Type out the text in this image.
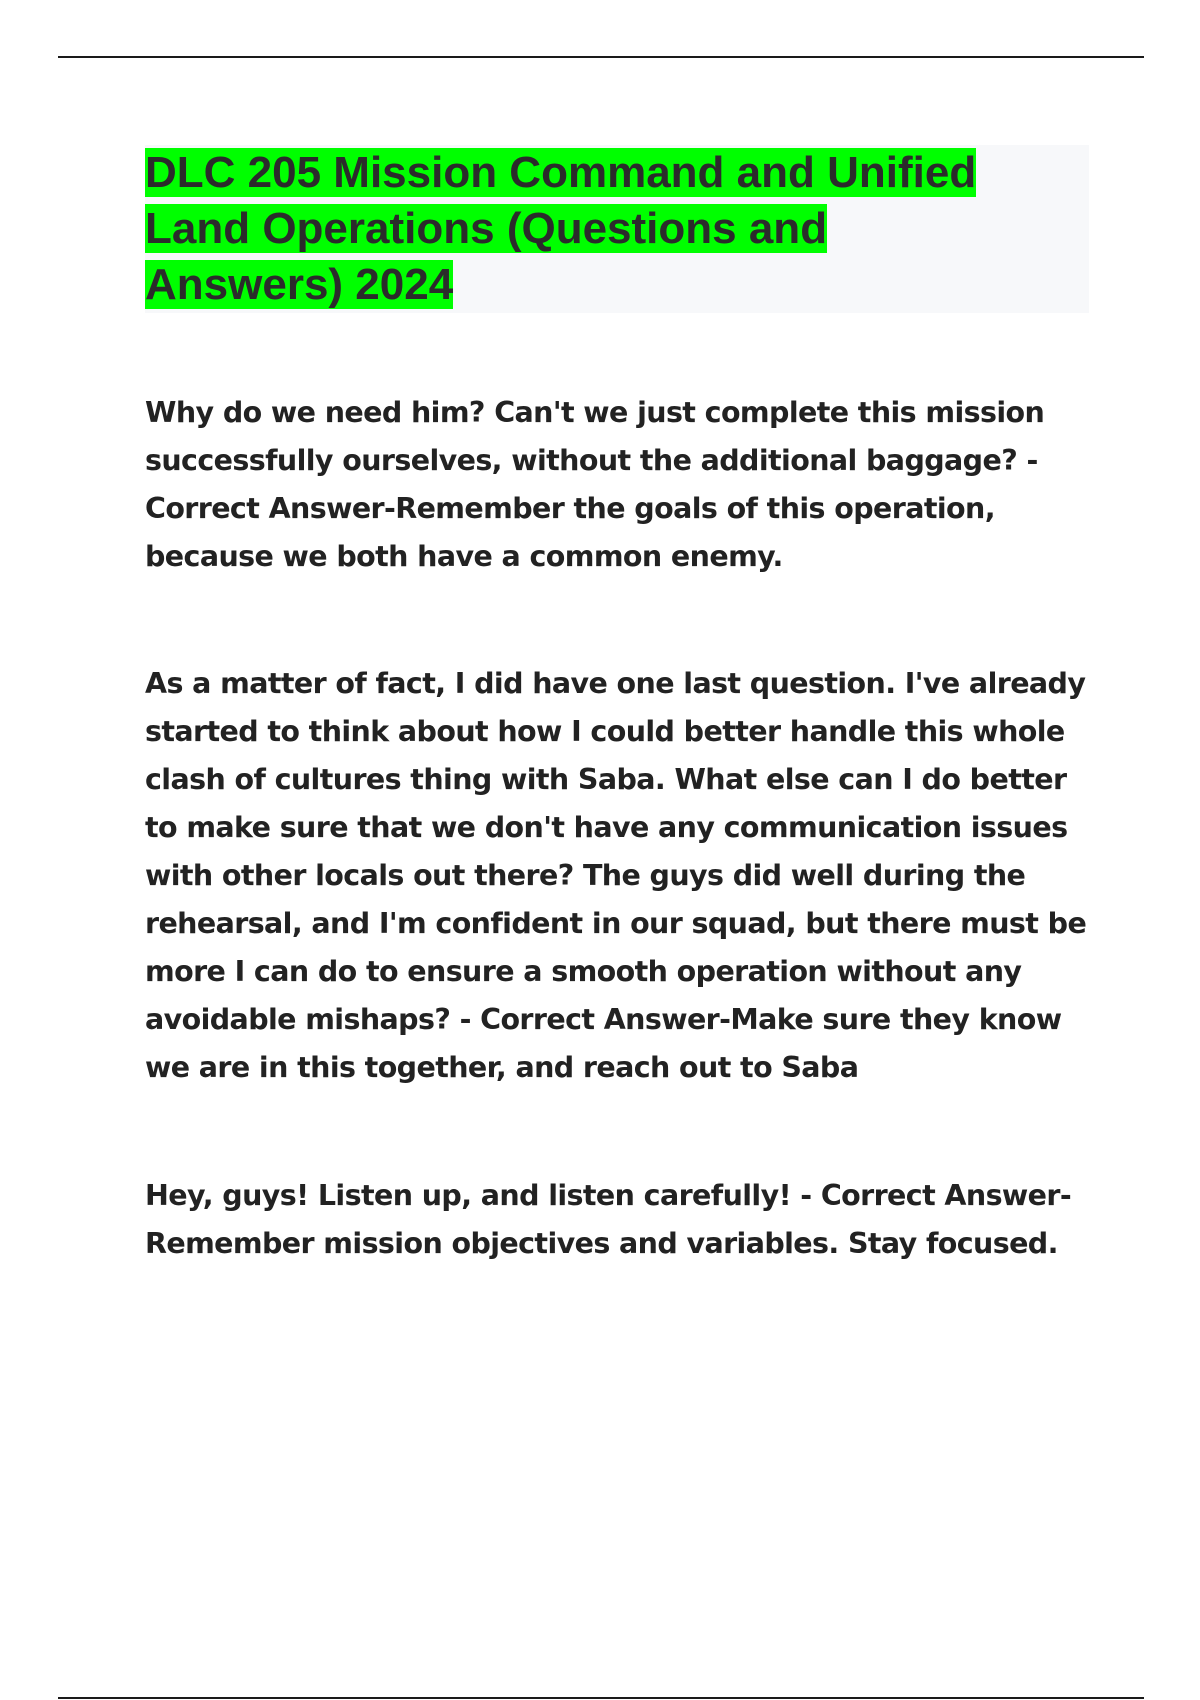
DLC 205 Mission Command and Unified
Land Operations (Questions and
Answers) 2024

Why do we need him? Can't we just complete this mission successfully ourselves, without the additional baggage? - Correct Answer-Remember the goals of this operation, because we both have a common enemy.

As a matter of fact, I did have one last question. I've already started to think about how I could better handle this whole clash of cultures thing with Saba. What else can I do better to make sure that we don't have any communication issues with other locals out there? The guys did well during the rehearsal, and I'm confident in our squad, but there must be more I can do to ensure a smooth operation without any avoidable mishaps? - Correct Answer-Make sure they know we are in this together, and reach out to Saba

Hey, guys! Listen up, and listen carefully! - Correct Answer-Remember mission objectives and variables. Stay focused.
